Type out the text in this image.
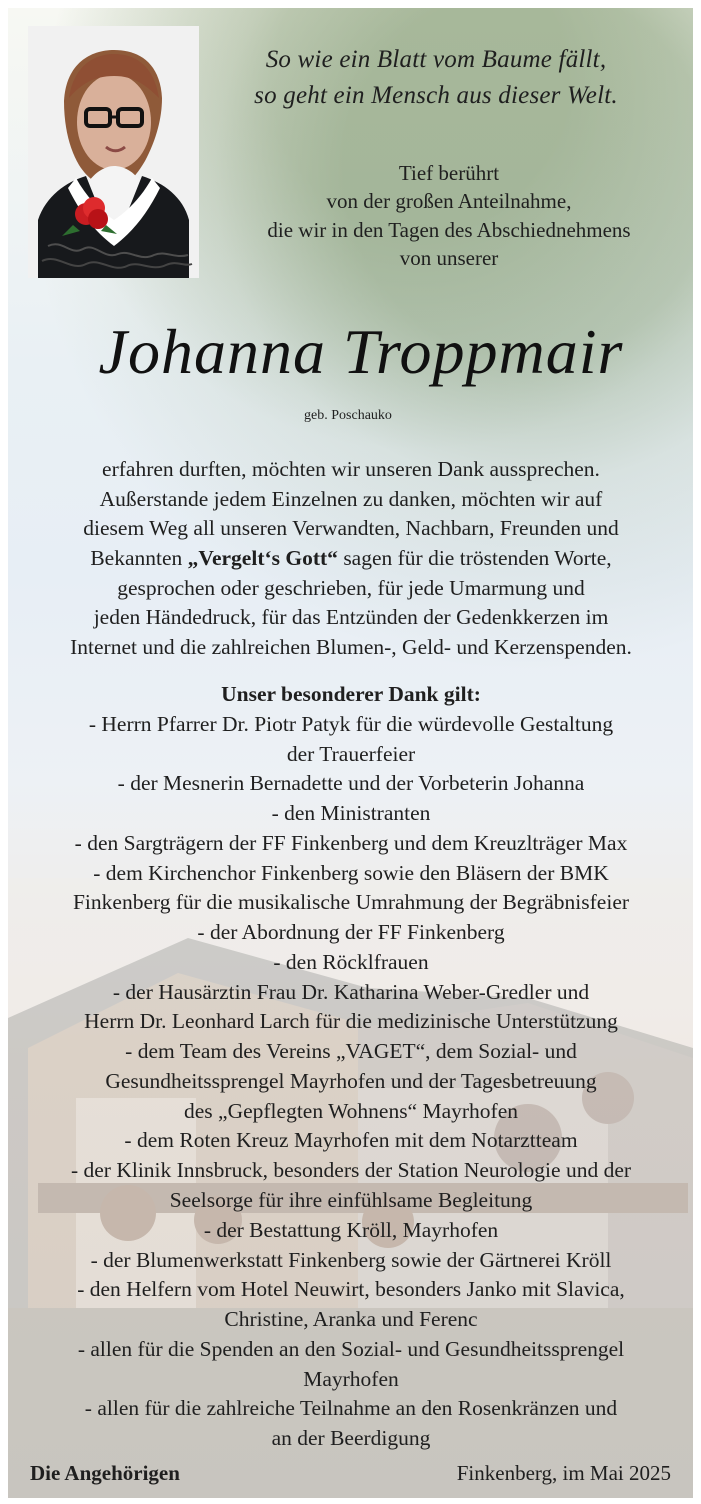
So wie ein Blatt vom Baume fällt,
so geht ein Mensch aus dieser Welt.
Tief berührt
von der großen Anteilnahme,
die wir in den Tagen des Abschiednehmens
von unserer
Johanna Troppmair
geb. Poschauko

erfahren durften, möchten wir unseren Dank aussprechen.

Außerstande jedem Einzelnen zu danken, möchten wir auf

diesem Weg all unseren Verwandten, Nachbarn, Freunden und

Bekannten „Vergelt‘s Gott“ sagen für die tröstenden Worte,

gesprochen oder geschrieben, für jede Umarmung und

jeden Händedruck, für das Entzünden der Gedenkkerzen im

Internet und die zahlreichen Blumen-, Geld- und Kerzenspenden.

Unser besonderer Dank gilt:

- Herrn Pfarrer Dr. Piotr Patyk für die würdevolle Gestaltung
der Trauerfeier
- der Mesnerin Bernadette und der Vorbeterin Johanna
- den Ministranten
- den Sargträgern der FF Finkenberg und dem Kreuzlträger Max
- dem Kirchenchor Finkenberg sowie den Bläsern der BMK
Finkenberg für die musikalische Umrahmung der Begräbnisfeier
- der Abordnung der FF Finkenberg
- den Röcklfrauen
- der Hausärztin Frau Dr. Katharina Weber-Gredler und
Herrn Dr. Leonhard Larch für die medizinische Unterstützung
- dem Team des Vereins „VAGET“, dem Sozial- und
Gesundheitssprengel Mayrhofen und der Tagesbetreuung
des „Gepflegten Wohnens“ Mayrhofen
- dem Roten Kreuz Mayrhofen mit dem Notarztteam
- der Klinik Innsbruck, besonders der Station Neurologie und der
Seelsorge für ihre einfühlsame Begleitung
- der Bestattung Kröll, Mayrhofen
- der Blumenwerkstatt Finkenberg sowie der Gärtnerei Kröll
- den Helfern vom Hotel Neuwirt, besonders Janko mit Slavica,
Christine, Aranka und Ferenc
- allen für die Spenden an den Sozial- und Gesundheitssprengel
Mayrhofen
- allen für die zahlreiche Teilnahme an den Rosenkränzen und
an der Beerdigung
Die Angehörigen	Finkenberg, im Mai 2025
